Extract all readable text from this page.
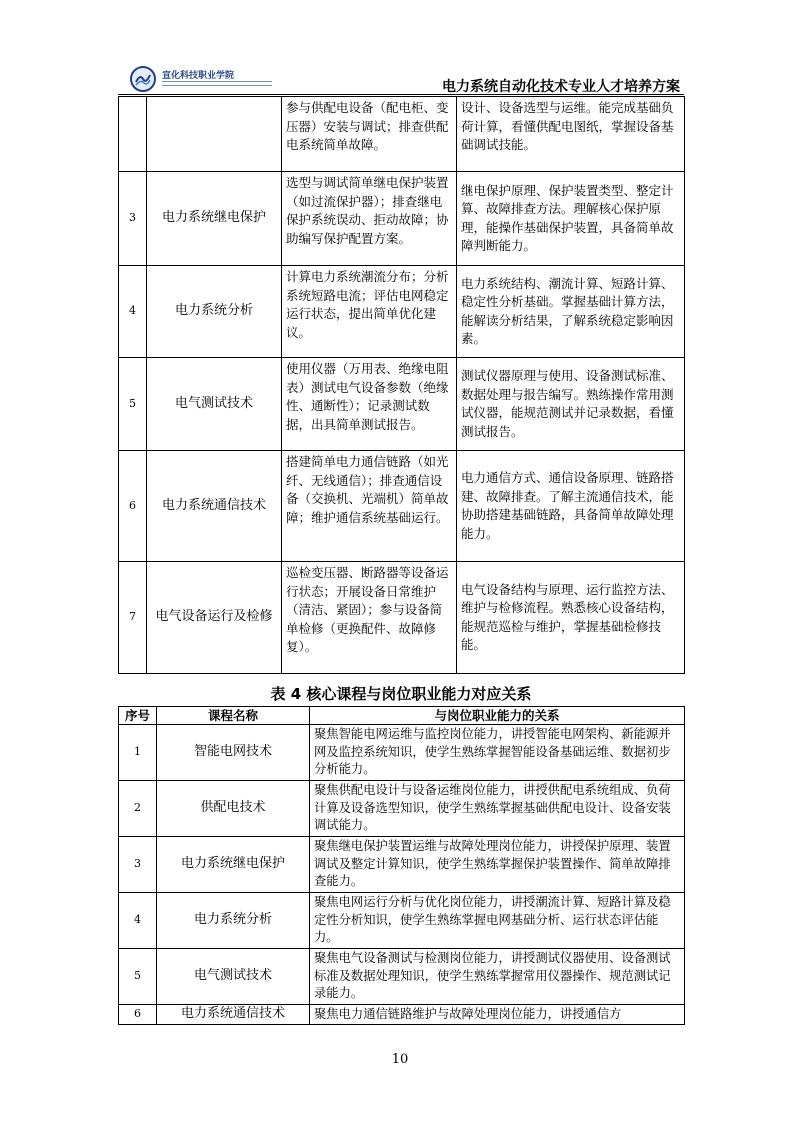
宣化科技职业学院
电力系统自动化技术专业人才培养方案
		参与供配电设备（配电柜、变压器）安装与调试；排查供配电系统简单故障。	设计、设备选型与运维。能完成基础负荷计算，看懂供配电图纸，掌握设备基础调试技能。
3	电力系统继电保护	选型与调试简单继电保护装置（如过流保护器）；排查继电保护系统误动、拒动故障；协助编写保护配置方案。	继电保护原理、保护装置类型、整定计算、故障排查方法。理解核心保护原理，能操作基础保护装置，具备简单故障判断能力。
4	电力系统分析	计算电力系统潮流分布；分析系统短路电流；评估电网稳定运行状态，提出简单优化建议。	电力系统结构、潮流计算、短路计算、稳定性分析基础。掌握基础计算方法，能解读分析结果，了解系统稳定影响因素。
5	电气测试技术	使用仪器（万用表、绝缘电阻表）测试电气设备参数（绝缘性、通断性）；记录测试数据，出具简单测试报告。	测试仪器原理与使用、设备测试标准、数据处理与报告编写。熟练操作常用测试仪器，能规范测试并记录数据，看懂测试报告。
6	电力系统通信技术	搭建简单电力通信链路（如光纤、无线通信）；排查通信设备（交换机、光端机）简单故障；维护通信系统基础运行。	电力通信方式、通信设备原理、链路搭建、故障排查。了解主流通信技术，能协助搭建基础链路，具备简单故障处理能力。
7	电气设备运行及检修	巡检变压器、断路器等设备运行状态；开展设备日常维护（清洁、紧固）；参与设备简单检修（更换配件、故障修复）。	电气设备结构与原理、运行监控方法、维护与检修流程。熟悉核心设备结构，能规范巡检与维护，掌握基础检修技能。
表 4 核心课程与岗位职业能力对应关系
序号	课程名称	与岗位职业能力的关系
1	智能电网技术	聚焦智能电网运维与监控岗位能力，讲授智能电网架构、新能源并网及监控系统知识，使学生熟练掌握智能设备基础运维、数据初步分析能力。
2	供配电技术	聚焦供配电设计与设备运维岗位能力，讲授供配电系统组成、负荷计算及设备选型知识，使学生熟练掌握基础供配电设计、设备安装调试能力。
3	电力系统继电保护	聚焦继电保护装置运维与故障处理岗位能力，讲授保护原理、装置调试及整定计算知识，使学生熟练掌握保护装置操作、简单故障排查能力。
4	电力系统分析	聚焦电网运行分析与优化岗位能力，讲授潮流计算、短路计算及稳定性分析知识，使学生熟练掌握电网基础分析、运行状态评估能力。
5	电气测试技术	聚焦电气设备测试与检测岗位能力，讲授测试仪器使用、设备测试标准及数据处理知识，使学生熟练掌握常用仪器操作、规范测试记录能力。
6	电力系统通信技术	聚焦电力通信链路维护与故障处理岗位能力，讲授通信方
10
